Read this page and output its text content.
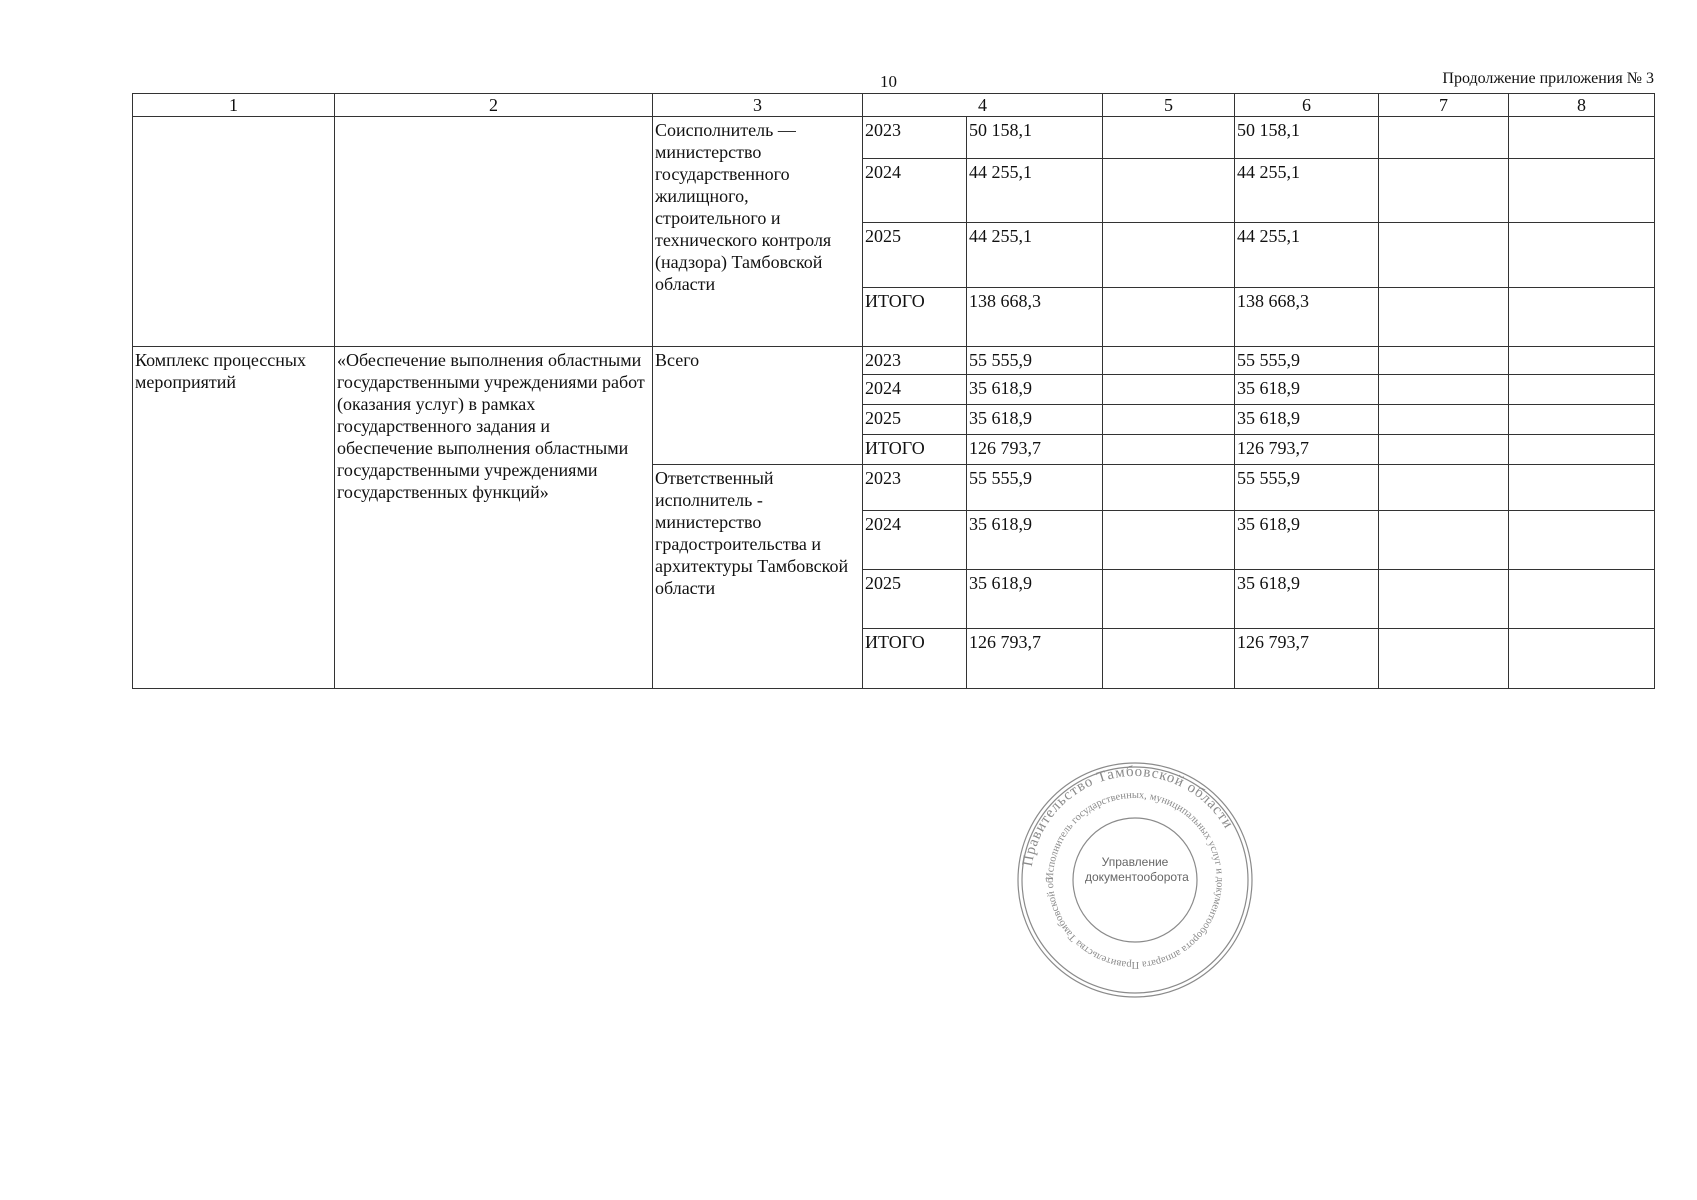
10	Продолжение приложения № 3
1	2	3	4		5	6	7	8
		Соисполнитель — министерство государственного жилищного, строительного и технического контроля (надзора) Тамбовской области	2023	50 158,1		50 158,1		
			2024	44 255,1		44 255,1		
			2025	44 255,1		44 255,1		
			ИТОГО	138 668,3		138 668,3		
Комплекс процессных мероприятий	«Обеспечение выполнения областными государственными учреждениями работ (оказания услуг) в рамках государственного задания и обеспечение выполнения областными государственными учреждениями государственных функций»	Всего	2023	55 555,9		55 555,9		
			2024	35 618,9		35 618,9		
			2025	35 618,9		35 618,9		
			ИТОГО	126 793,7		126 793,7		
		Ответственный исполнитель - министерство градостроительства и архитектуры Тамбовской области	2023	55 555,9		55 555,9		
			2024	35 618,9		35 618,9		
			2025	35 618,9		35 618,9		
			ИТОГО	126 793,7		126 793,7		
Правительство Тамбовской области
Исполнитель государственных, муниципальных услуг и документооборота аппарата Правительства Тамбовской об
Управление документооборота
